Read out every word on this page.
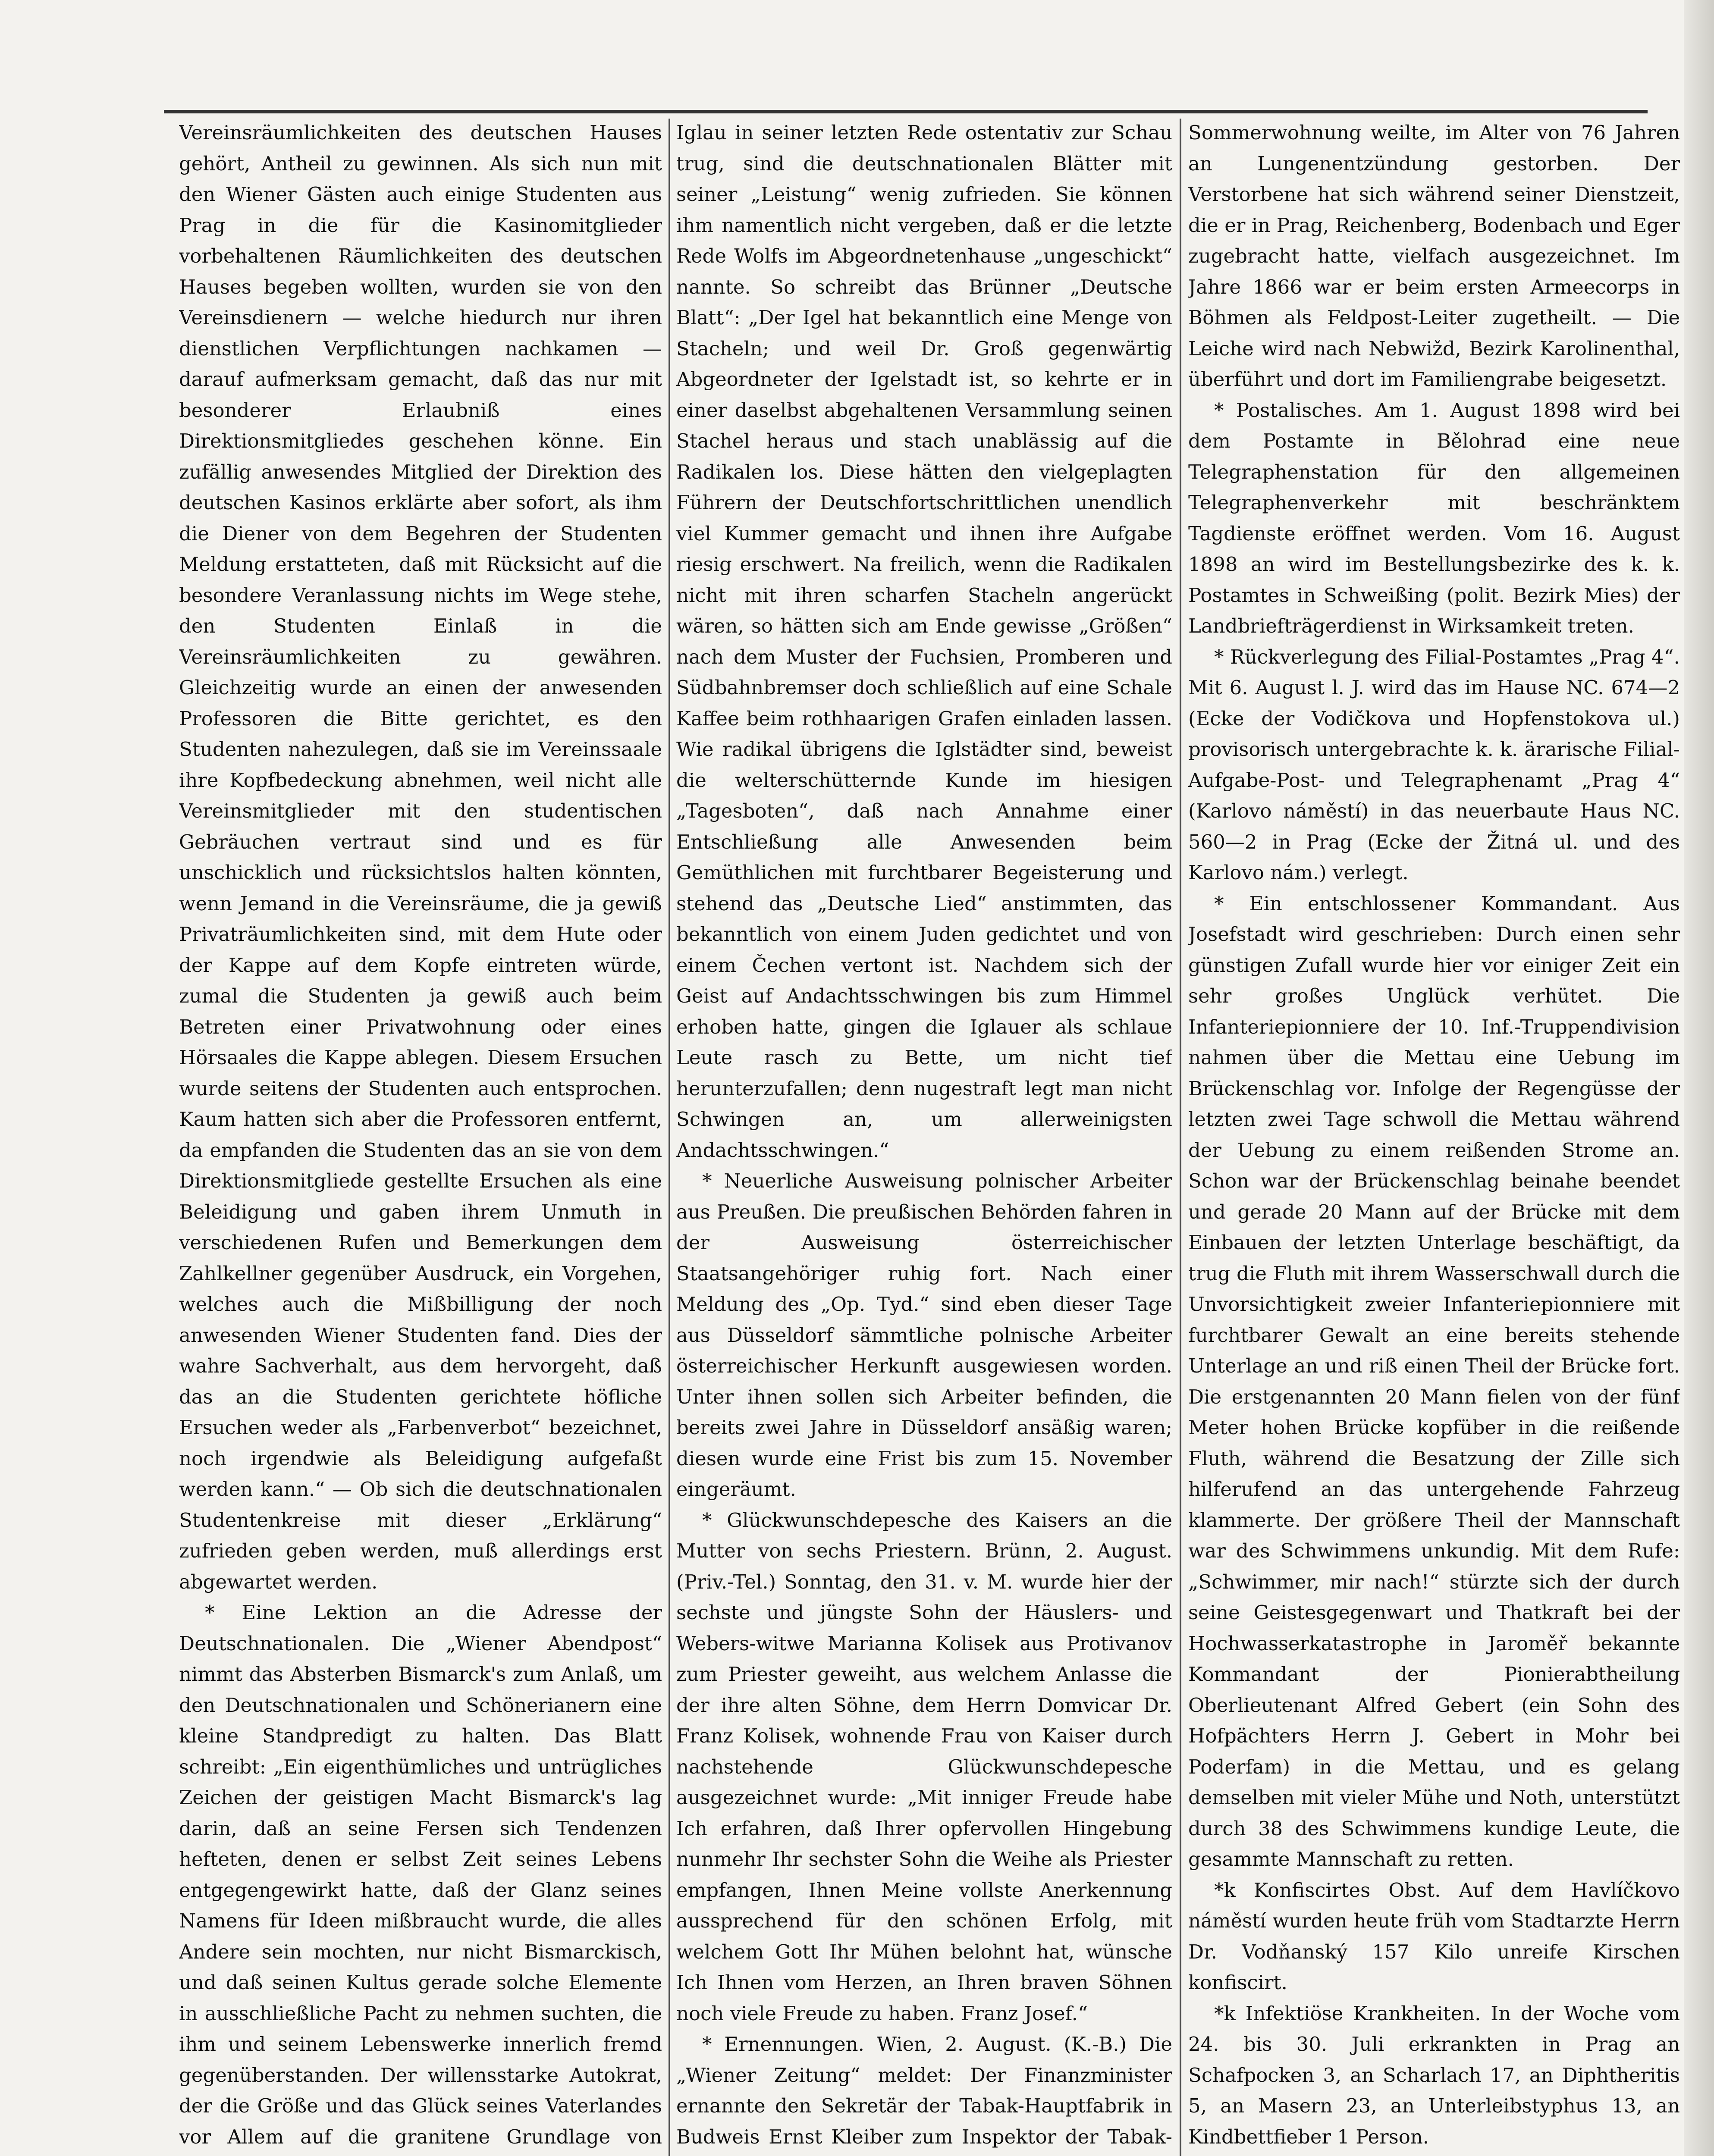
Vereinsräumlichkeiten des deutschen Hauses gehört, Antheil zu gewinnen. Als sich nun mit den Wiener Gästen auch einige Studenten aus Prag in die für die Kasinomitglieder vorbehaltenen Räumlichkeiten des deutschen Hauses begeben wollten, wurden sie von den Vereinsdienern — welche hiedurch nur ihren dienstlichen Verpflichtungen nachkamen — darauf aufmerksam gemacht, daß das nur mit besonderer Erlaubniß eines Direktionsmitgliedes geschehen könne. Ein zufällig anwesendes Mitglied der Direktion des deutschen Kasinos erklärte aber sofort, als ihm die Diener von dem Begehren der Studenten Meldung erstatteten, daß mit Rücksicht auf die besondere Veranlassung nichts im Wege stehe, den Studenten Einlaß in die Vereinsräumlichkeiten zu gewähren. Gleichzeitig wurde an einen der anwesenden Professoren die Bitte gerichtet, es den Studenten nahezulegen, daß sie im Vereinssaale ihre Kopfbedeckung abnehmen, weil nicht alle Vereinsmitglieder mit den studentischen Gebräuchen vertraut sind und es für unschicklich und rücksichtslos halten könnten, wenn Jemand in die Vereinsräume, die ja gewiß Privaträumlichkeiten sind, mit dem Hute oder der Kappe auf dem Kopfe eintreten würde, zumal die Studenten ja gewiß auch beim Betreten einer Privatwohnung oder eines Hörsaales die Kappe ablegen. Diesem Ersuchen wurde seitens der Studenten auch entsprochen. Kaum hatten sich aber die Professoren entfernt, da empfanden die Studenten das an sie von dem Direktionsmitgliede gestellte Ersuchen als eine Beleidigung und gaben ihrem Unmuth in verschiedenen Rufen und Bemerkungen dem Zahlkellner gegenüber Ausdruck, ein Vorgehen, welches auch die Mißbilligung der noch anwesenden Wiener Studenten fand. Dies der wahre Sachverhalt, aus dem hervorgeht, daß das an die Studenten gerichtete höfliche Ersuchen weder als „Farbenverbot“ bezeichnet, noch irgendwie als Beleidigung aufgefaßt werden kann.“ — Ob sich die deutschnationalen Studentenkreise mit dieser „Erklärung“ zufrieden geben werden, muß allerdings erst abgewartet werden.

* Eine Lektion an die Adresse der Deutschnationalen. Die „Wiener Abendpost“ nimmt das Absterben Bismarck's zum Anlaß, um den Deutschnationalen und Schönerianern eine kleine Standpredigt zu halten. Das Blatt schreibt: „Ein eigenthümliches und untrügliches Zeichen der geistigen Macht Bismarck's lag darin, daß an seine Fersen sich Tendenzen hefteten, denen er selbst Zeit seines Lebens entgegengewirkt hatte, daß der Glanz seines Namens für Ideen mißbraucht wurde, die alles Andere sein mochten, nur nicht Bismarckisch, und daß seinen Kultus gerade solche Elemente in ausschließliche Pacht zu nehmen suchten, die ihm und seinem Lebenswerke innerlich fremd gegenüberstanden. Der willensstarke Autokrat, der die Größe und das Glück seines Vaterlandes vor Allem auf die granitene Grundlage von

Iglau in seiner letzten Rede ostentativ zur Schau trug, sind die deutschnationalen Blätter mit seiner „Leistung“ wenig zufrieden. Sie können ihm namentlich nicht vergeben, daß er die letzte Rede Wolfs im Abgeordnetenhause „ungeschickt“ nannte. So schreibt das Brünner „Deutsche Blatt“: „Der Igel hat bekanntlich eine Menge von Stacheln; und weil Dr. Groß gegenwärtig Abgeordneter der Igelstadt ist, so kehrte er in einer daselbst abgehaltenen Versammlung seinen Stachel heraus und stach unablässig auf die Radikalen los. Diese hätten den vielgeplagten Führern der Deutschfortschrittlichen unendlich viel Kummer gemacht und ihnen ihre Aufgabe riesig erschwert. Na freilich, wenn die Radikalen nicht mit ihren scharfen Stacheln angerückt wären, so hätten sich am Ende gewisse „Größen“ nach dem Muster der Fuchsien, Promberen und Südbahnbremser doch schließlich auf eine Schale Kaffee beim rothhaarigen Grafen einladen lassen. Wie radikal übrigens die Iglstädter sind, beweist die welterschütternde Kunde im hiesigen „Tagesboten“, daß nach Annahme einer Entschließung alle Anwesenden beim Gemüthlichen mit furchtbarer Begeisterung und stehend das „Deutsche Lied“ anstimmten, das bekanntlich von einem Juden gedichtet und von einem Čechen vertont ist. Nachdem sich der Geist auf Andachtsschwingen bis zum Himmel erhoben hatte, gingen die Iglauer als schlaue Leute rasch zu Bette, um nicht tief herunterzufallen; denn nugestraft legt man nicht Schwingen an, um allerweinigsten Andachtsschwingen.“

* Neuerliche Ausweisung polnischer Arbeiter aus Preußen. Die preußischen Behörden fahren in der Ausweisung österreichischer Staatsangehöriger ruhig fort. Nach einer Meldung des „Op. Tyd.“ sind eben dieser Tage aus Düsseldorf sämmtliche polnische Arbeiter österreichischer Herkunft ausgewiesen worden. Unter ihnen sollen sich Arbeiter befinden, die bereits zwei Jahre in Düsseldorf ansäßig waren; diesen wurde eine Frist bis zum 15. November eingeräumt.

* Glückwunschdepesche des Kaisers an die Mutter von sechs Priestern. Brünn, 2. August. (Priv.-Tel.) Sonntag, den 31. v. M. wurde hier der sechste und jüngste Sohn der Häuslers- und Webers-witwe Marianna Kolisek aus Protivanov zum Priester geweiht, aus welchem Anlasse die der ihre alten Söhne, dem Herrn Domvicar Dr. Franz Kolisek, wohnende Frau von Kaiser durch nachstehende Glückwunschdepesche ausgezeichnet wurde: „Mit inniger Freude habe Ich erfahren, daß Ihrer opfervollen Hingebung nunmehr Ihr sechster Sohn die Weihe als Priester empfangen, Ihnen Meine vollste Anerkennung aussprechend für den schönen Erfolg, mit welchem Gott Ihr Mühen belohnt hat, wünsche Ich Ihnen vom Herzen, an Ihren braven Söhnen noch viele Freude zu haben. Franz Josef.“

* Ernennungen. Wien, 2. August. (K.-B.) Die „Wiener Zeitung“ meldet: Der Finanzminister ernannte den Sekretär der Tabak-Hauptfabrik in Budweis Ernst Kleiber zum Inspektor der Tabak-

Sommerwohnung weilte, im Alter von 76 Jahren an Lungenentzündung gestorben. Der Verstorbene hat sich während seiner Dienstzeit, die er in Prag, Reichenberg, Bodenbach und Eger zugebracht hatte, vielfach ausgezeichnet. Im Jahre 1866 war er beim ersten Armeecorps in Böhmen als Feldpost-Leiter zugetheilt. — Die Leiche wird nach Nebwižd, Bezirk Karolinenthal, überführt und dort im Familiengrabe beigesetzt.

* Postalisches. Am 1. August 1898 wird bei dem Postamte in Bělohrad eine neue Telegraphenstation für den allgemeinen Telegraphenverkehr mit beschränktem Tagdienste eröffnet werden. Vom 16. August 1898 an wird im Bestellungsbezirke des k. k. Postamtes in Schweißing (polit. Bezirk Mies) der Landbriefträgerdienst in Wirksamkeit treten.

* Rückverlegung des Filial-Postamtes „Prag 4“. Mit 6. August l. J. wird das im Hause NC. 674—2 (Ecke der Vodičkova und Hopfenstokova ul.) provisorisch untergebrachte k. k. ärarische Filial-Aufgabe-Post- und Telegraphenamt „Prag 4“ (Karlovo náměstí) in das neuerbaute Haus NC. 560—2 in Prag (Ecke der Žitná ul. und des Karlovo nám.) verlegt.

* Ein entschlossener Kommandant. Aus Josefstadt wird geschrieben: Durch einen sehr günstigen Zufall wurde hier vor einiger Zeit ein sehr großes Unglück verhütet. Die Infanteriepionniere der 10. Inf.-Truppendivision nahmen über die Mettau eine Uebung im Brückenschlag vor. Infolge der Regengüsse der letzten zwei Tage schwoll die Mettau während der Uebung zu einem reißenden Strome an. Schon war der Brückenschlag beinahe beendet und gerade 20 Mann auf der Brücke mit dem Einbauen der letzten Unterlage beschäftigt, da trug die Fluth mit ihrem Wasserschwall durch die Unvorsichtigkeit zweier Infanteriepionniere mit furchtbarer Gewalt an eine bereits stehende Unterlage an und riß einen Theil der Brücke fort. Die erstgenannten 20 Mann fielen von der fünf Meter hohen Brücke kopfüber in die reißende Fluth, während die Besatzung der Zille sich hilferufend an das untergehende Fahrzeug klammerte. Der größere Theil der Mannschaft war des Schwimmens unkundig. Mit dem Rufe: „Schwimmer, mir nach!“ stürzte sich der durch seine Geistesgegenwart und Thatkraft bei der Hochwasserkatastrophe in Jaroměř bekannte Kommandant der Pionierabtheilung Oberlieutenant Alfred Gebert (ein Sohn des Hofpächters Herrn J. Gebert in Mohr bei Poderfam) in die Mettau, und es gelang demselben mit vieler Mühe und Noth, unterstützt durch 38 des Schwimmens kundige Leute, die gesammte Mannschaft zu retten.

*k Konfiscirtes Obst. Auf dem Havlíčkovo náměstí wurden heute früh vom Stadtarzte Herrn Dr. Vodňanský 157 Kilo unreife Kirschen konfiscirt.

*k Infektiöse Krankheiten. In der Woche vom 24. bis 30. Juli erkrankten in Prag an Schafpocken 3, an Scharlach 17, an Diphtheritis 5, an Masern 23, an Unterleibstyphus 13, an Kindbettfieber 1 Person.
